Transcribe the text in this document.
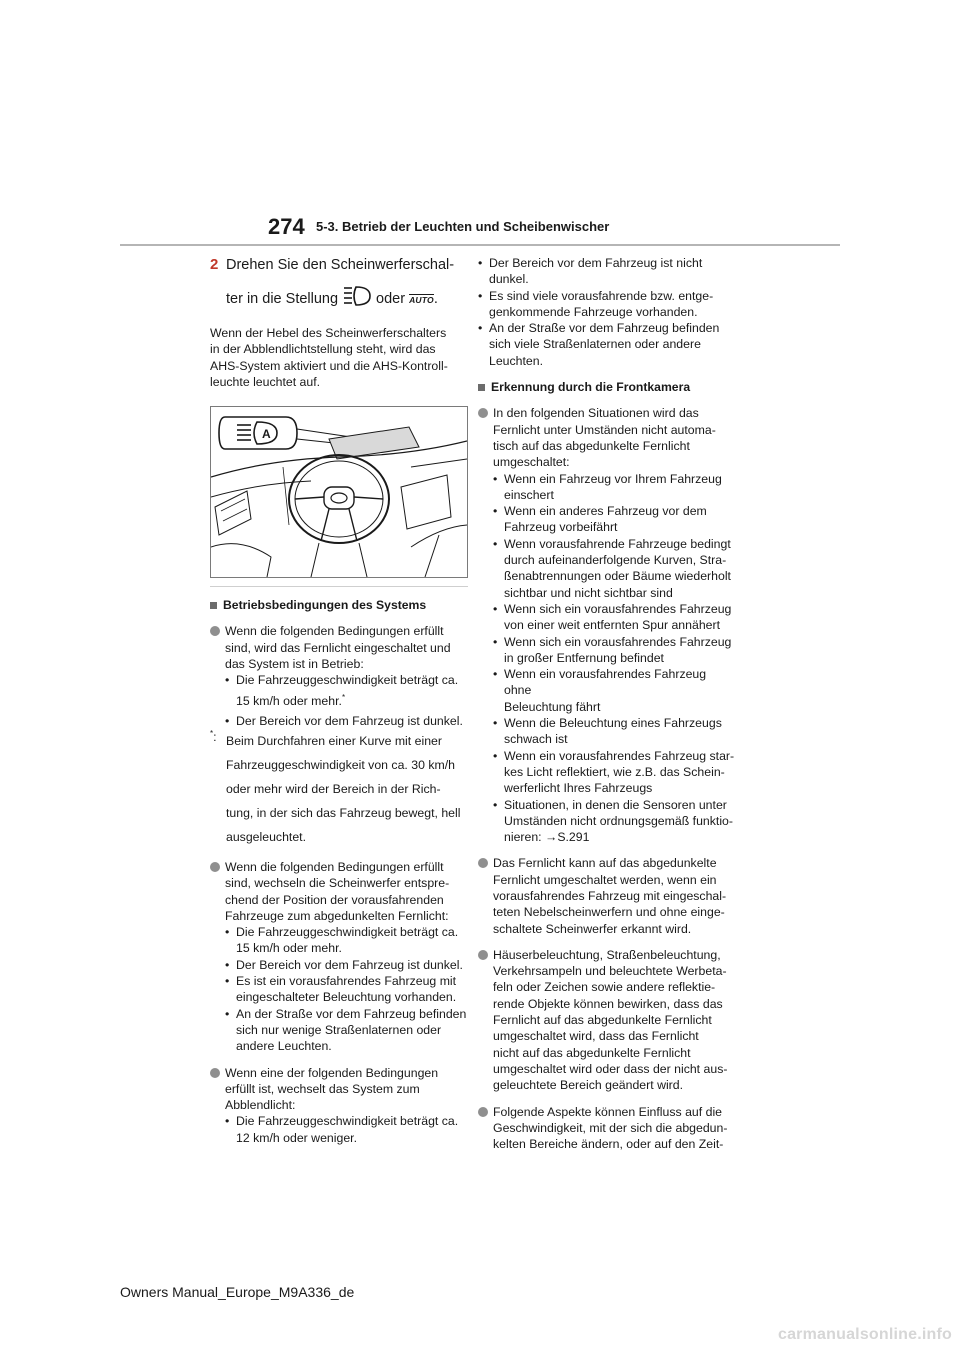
274 5-3. Betrieb der Leuchten und Scheibenwischer
2 Drehen Sie den Scheinwerferschal-
ter in die Stellung	oder AUTO .
Wenn der Hebel des Scheinwerferschalters
in der Abblendlichtstellung steht, wird das
AHS-System aktiviert und die AHS-Kontroll-
leuchte leuchtet auf.
A
Betriebsbedingungen des Systems
Wenn die folgenden Bedingungen erfüllt
sind, wird das Fernlicht eingeschaltet und
das System ist in Betrieb:
• Die Fahrzeuggeschwindigkeit beträgt ca.
15 km/h oder mehr.*
• Der Bereich vor dem Fahrzeug ist dunkel.
*: Beim Durchfahren einer Kurve mit einer
Fahrzeuggeschwindigkeit von ca. 30 km/h
oder mehr wird der Bereich in der Rich-
tung, in der sich das Fahrzeug bewegt, hell
ausgeleuchtet.
Wenn die folgenden Bedingungen erfüllt
sind, wechseln die Scheinwerfer entspre-
chend der Position der vorausfahrenden
Fahrzeuge zum abgedunkelten Fernlicht:
• Die Fahrzeuggeschwindigkeit beträgt ca.
15 km/h oder mehr.
• Der Bereich vor dem Fahrzeug ist dunkel.
• Es ist ein vorausfahrendes Fahrzeug mit
eingeschalteter Beleuchtung vorhanden.
• An der Straße vor dem Fahrzeug befinden
sich nur wenige Straßenlaternen oder
andere Leuchten.
Wenn eine der folgenden Bedingungen
erfüllt ist, wechselt das System zum
Abblendlicht:
• Die Fahrzeuggeschwindigkeit beträgt ca.
12 km/h oder weniger.
• Der Bereich vor dem Fahrzeug ist nicht
dunkel.
• Es sind viele vorausfahrende bzw. entge-
genkommende Fahrzeuge vorhanden.
• An der Straße vor dem Fahrzeug befinden
sich viele Straßenlaternen oder andere
Leuchten.
Erkennung durch die Frontkamera
In den folgenden Situationen wird das
Fernlicht unter Umständen nicht automa-
tisch auf das abgedunkelte Fernlicht
umgeschaltet:
• Wenn ein Fahrzeug vor Ihrem Fahrzeug
einschert
• Wenn ein anderes Fahrzeug vor dem
Fahrzeug vorbeifährt
• Wenn vorausfahrende Fahrzeuge bedingt
durch aufeinanderfolgende Kurven, Stra-
ßenabtrennungen oder Bäume wiederholt
sichtbar und nicht sichtbar sind
• Wenn sich ein vorausfahrendes Fahrzeug
von einer weit entfernten Spur annähert
• Wenn sich ein vorausfahrendes Fahrzeug
in großer Entfernung befindet
• Wenn ein vorausfahrendes Fahrzeug ohne
Beleuchtung fährt
• Wenn die Beleuchtung eines Fahrzeugs
schwach ist
• Wenn ein vorausfahrendes Fahrzeug star-
kes Licht reflektiert, wie z.B. das Schein-
werferlicht Ihres Fahrzeugs
• Situationen, in denen die Sensoren unter
Umständen nicht ordnungsgemäß funktio-
nieren: →S.291
Das Fernlicht kann auf das abgedunkelte
Fernlicht umgeschaltet werden, wenn ein
vorausfahrendes Fahrzeug mit eingeschal-
teten Nebelscheinwerfern und ohne einge-
schaltete Scheinwerfer erkannt wird.
Häuserbeleuchtung, Straßenbeleuchtung,
Verkehrsampeln und beleuchtete Werbeta-
feln oder Zeichen sowie andere reflektie-
rende Objekte können bewirken, dass das
Fernlicht auf das abgedunkelte Fernlicht
umgeschaltet wird, dass das Fernlicht
nicht auf das abgedunkelte Fernlicht
umgeschaltet wird oder dass der nicht aus-
geleuchtete Bereich geändert wird.
Folgende Aspekte können Einfluss auf die
Geschwindigkeit, mit der sich die abgedun-
kelten Bereiche ändern, oder auf den Zeit-
Owners Manual_Europe_M9A336_de
carmanualsonline.info
